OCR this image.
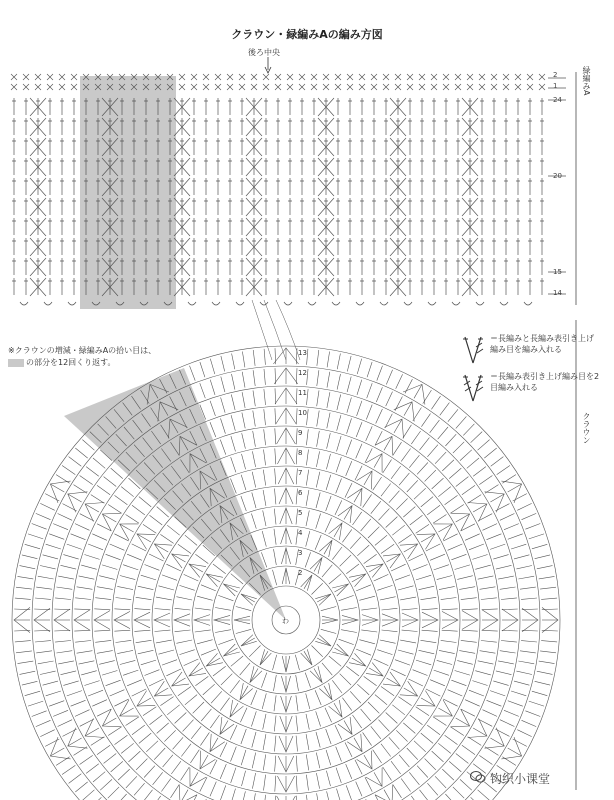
わ
13
12
11
10
9
8
7
6
5
4
3
2
クラウン・緑編みAの編み方図
後ろ中央
緑編みA
クラウン
2
1
24
20
15
14
※クラウンの増減・緑編みAの拾い目は、
の部分を12回くり返す。
＝長編みと長編み表引き上げ編み目を編み入れる
＝長編み表引き上げ編み目を2目編み入れる
钩织小课堂
